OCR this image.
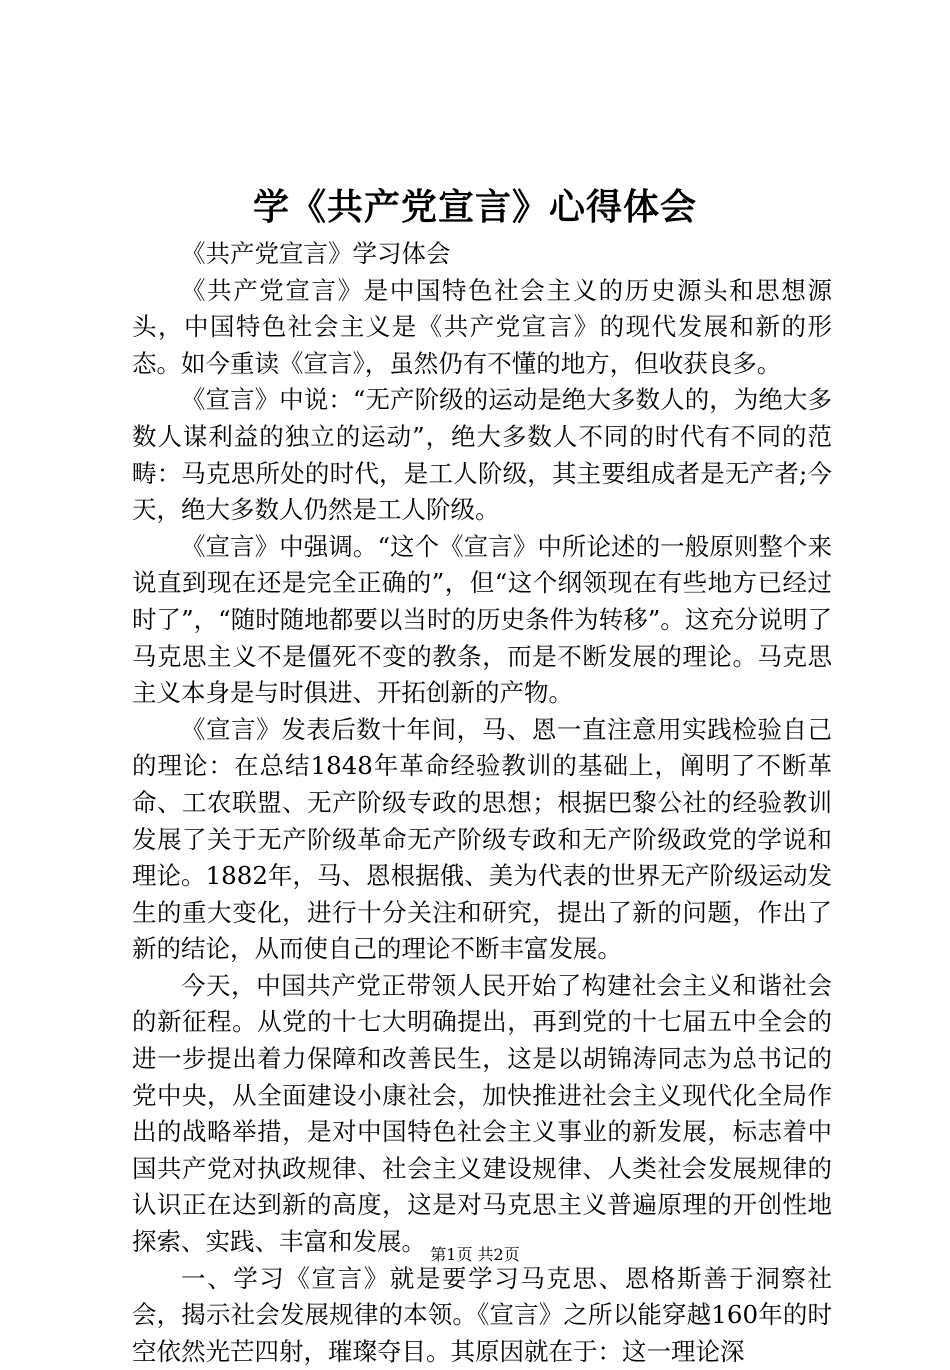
学《共产党宣言》心得体会

《共产党宣言》学习体会

《共产党宣言》是中国特色社会主义的历史源头和思想源头，中国特色社会主义是《共产党宣言》的现代发展和新的形态。如今重读《宣言》，虽然仍有不懂的地方，但收获良多。

《宣言》中说：“无产阶级的运动是绝大多数人的，为绝大多数人谋利益的独立的运动”，绝大多数人不同的时代有不同的范畴：马克思所处的时代，是工人阶级，其主要组成者是无产者;今天，绝大多数人仍然是工人阶级。

《宣言》中强调。“这个《宣言》中所论述的一般原则整个来说直到现在还是完全正确的”，但“这个纲领现在有些地方已经过时了”，“随时随地都要以当时的历史条件为转移”。这充分说明了马克思主义不是僵死不变的教条，而是不断发展的理论。马克思主义本身是与时俱进、开拓创新的产物。

《宣言》发表后数十年间，马、恩一直注意用实践检验自己的理论：在总结1848年革命经验教训的基础上，阐明了不断革命、工农联盟、无产阶级专政的思想；根据巴黎公社的经验教训发展了关于无产阶级革命无产阶级专政和无产阶级政党的学说和理论。1882年，马、恩根据俄、美为代表的世界无产阶级运动发生的重大变化，进行十分关注和研究，提出了新的问题，作出了新的结论，从而使自己的理论不断丰富发展。

今天，中国共产党正带领人民开始了构建社会主义和谐社会的新征程。从党的十七大明确提出，再到党的十七届五中全会的进一步提出着力保障和改善民生，这是以胡锦涛同志为总书记的党中央，从全面建设小康社会，加快推进社会主义现代化全局作出的战略举措，是对中国特色社会主义事业的新发展，标志着中国共产党对执政规律、社会主义建设规律、人类社会发展规律的认识正在达到新的高度，这是对马克思主义普遍原理的开创性地探索、实践、丰富和发展。

一、学习《宣言》就是要学习马克思、恩格斯善于洞察社会，揭示社会发展规律的本领。《宣言》之所以能穿越160年的时空依然光芒四射，璀璨夺目。其原因就在于：这一理论深

第1页 共2页
